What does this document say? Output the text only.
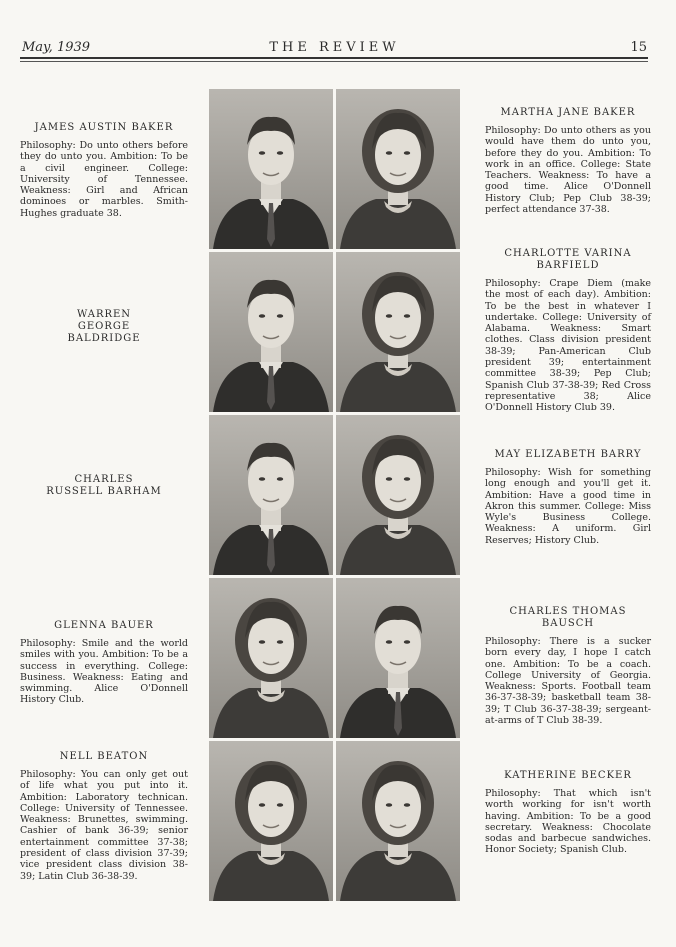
May, 1939	THE REVIEW	15
JAMES AUSTIN BAKER
Philosophy: Do unto others before they do unto you. Ambition: To be a civil engineer. College: University of Tennessee. Weakness: Girl and African dominoes or marbles. Smith-Hughes graduate 38.
WARREN GEORGE BALDRIDGE
CHARLES RUSSELL BARHAM
GLENNA BAUER
Philosophy: Smile and the world smiles with you. Ambition: To be a success in everything. College: Business. Weakness: Eating and swimming. Alice O'Donnell History Club.
NELL BEATON
Philosophy: You can only get out of life what you put into it. Ambition: Laboratory technican. College: University of Tennessee. Weakness: Brunettes, swimming. Cashier of bank 36-39; senior entertainment committee 37-38; president of class division 37-39; vice president class division 38-39; Latin Club 36-38-39.
MARTHA JANE BAKER
Philosophy: Do unto others as you would have them do unto you, before they do you. Ambition: To work in an office. College: State Teachers. Weakness: To have a good time. Alice O'Donnell History Club; Pep Club 38-39; perfect attendance 37-38.
CHARLOTTE VARINA BARFIELD
Philosophy: Crape Diem (make the most of each day). Ambition: To be the best in whatever I undertake. College: University of Alabama. Weakness: Smart clothes. Class division president 38-39; Pan-American Club president 39; entertainment committee 38-39; Pep Club; Spanish Club 37-38-39; Red Cross representative 38; Alice O'Donnell History Club 39.
MAY ELIZABETH BARRY
Philosophy: Wish for something long enough and you'll get it. Ambition: Have a good time in Akron this summer. College: Miss Wyle's Business College. Weakness: A uniform. Girl Reserves; History Club.
CHARLES THOMAS BAUSCH
Philosophy: There is a sucker born every day, I hope I catch one. Ambition: To be a coach. College University of Georgia. Weakness: Sports. Football team 36-37-38-39; basketball team 38-39; T Club 36-37-38-39; sergeant-at-arms of T Club 38-39.
KATHERINE BECKER
Philosophy: That which isn't worth working for isn't worth having. Ambition: To be a good secretary. Weakness: Chocolate sodas and barbecue sandwiches. Honor Society; Spanish Club.
